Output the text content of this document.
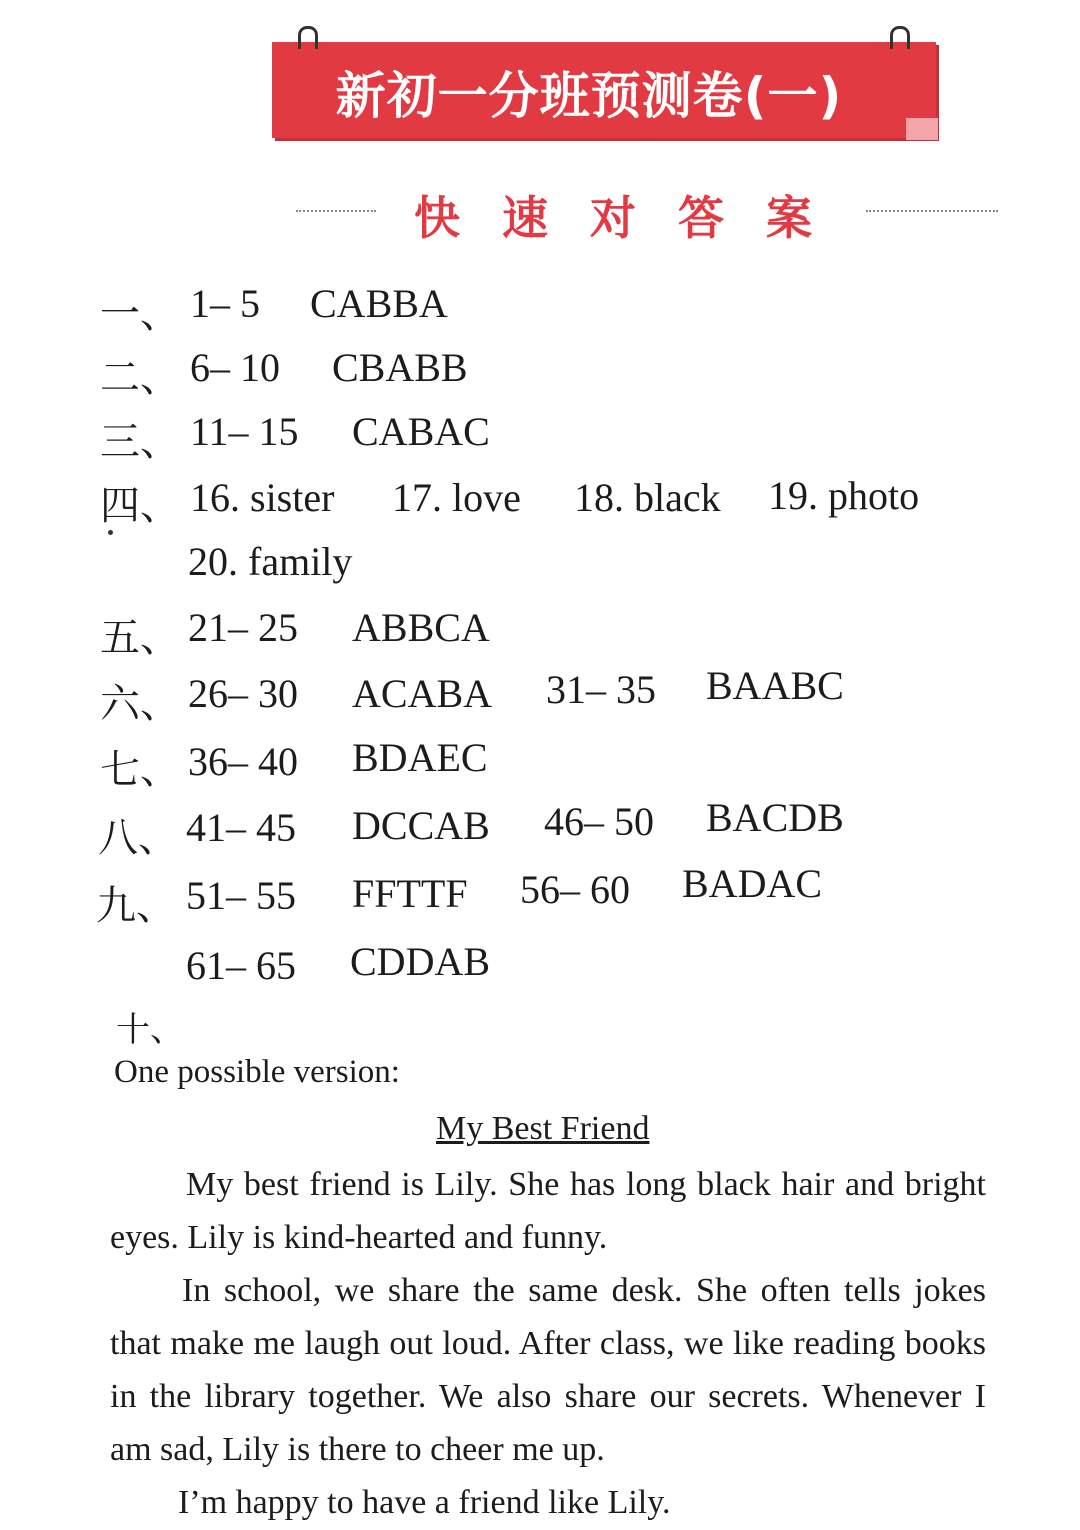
新初一分班预测卷(一)
快速对答案
一、 1– 5 CABBA
二、 6– 10 CBABB
三、 11– 15 CABAC
四、 16. sister 17. love 18. black 19. photo
20. family
五、 21– 25 ABBCA
六、 26– 30 ACABA 31– 35 BAABC
七、 36– 40 BDAEC
八、 41– 45 DCCAB 46– 50 BACDB
九、 51– 55 FFTTF 56– 60 BADAC
61– 65 CDDAB
十、
One possible version:
My Best Friend
My best friend is Lily. She has long black hair and bright eyes. Lily is kind-hearted and funny.
In school, we share the same desk. She often tells jokes that make me laugh out loud. After class, we like reading books in the library together. We also share our secrets. Whenever I am sad, Lily is there to cheer me up.
I’m happy to have a friend like Lily.
